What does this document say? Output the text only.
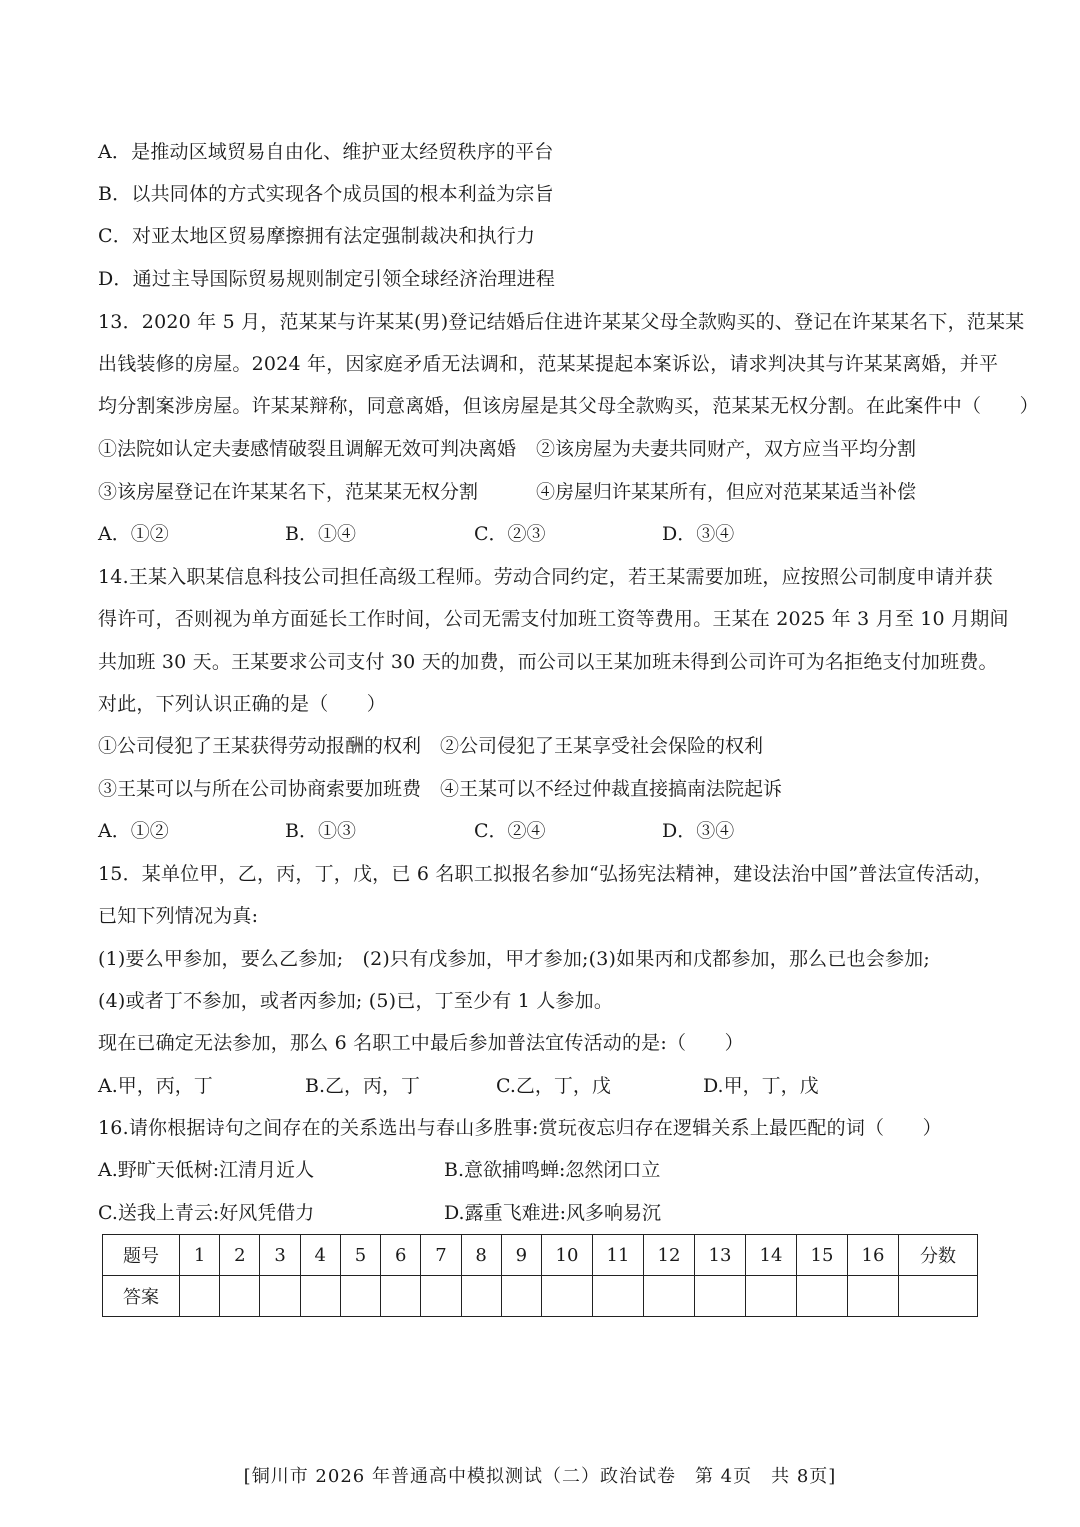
A．是推动区域贸易自由化、维护亚太经贸秩序的平台
B．以共同体的方式实现各个成员国的根本利益为宗旨
C．对亚太地区贸易摩擦拥有法定强制裁决和执行力
D．通过主导国际贸易规则制定引领全球经济治理进程
13．2020 年 5 月，范某某与许某某(男)登记结婚后住进许某某父母全款购买的、登记在许某某名下，范某某
出钱装修的房屋。2024 年，因家庭矛盾无法调和，范某某提起本案诉讼，请求判决其与许某某离婚，并平
均分割案涉房屋。许某某辩称，同意离婚，但该房屋是其父母全款购买，范某某无权分割。在此案件中（　　）
①法院如认定夫妻感情破裂且调解无效可判决离婚 ②该房屋为夫妻共同财产，双方应当平均分割
③该房屋登记在许某某名下，范某某无权分割	④房屋归许某某所有，但应对范某某适当补偿
A．①②	B．①④	C．②③	D．③④
14.王某入职某信息科技公司担任高级工程师。劳动合同约定，若王某需要加班，应按照公司制度申请并获
得许可，否则视为单方面延长工作时间，公司无需支付加班工资等费用。王某在 2025 年 3 月至 10 月期间
共加班 30 天。王某要求公司支付 30 天的加费，而公司以王某加班未得到公司许可为名拒绝支付加班费。
对此，下列认识正确的是（　　）
①公司侵犯了王某获得劳动报酬的权利 ②公司侵犯了王某享受社会保险的权利
③王某可以与所在公司协商索要加班费 ④王某可以不经过仲裁直接搞南法院起诉
A．①②	B．①③	C．②④	D．③④
15．某单位甲，乙，丙，丁，戊，已 6 名职工拟报名参加“弘扬宪法精神，建设法治中国”普法宣传活动，
已知下列情况为真:
(1)要么甲参加，要么乙参加;　(2)只有戊参加，甲才参加;(3)如果丙和戊都参加，那么已也会参加;
(4)或者丁不参加，或者丙参加; (5)已，丁至少有 1 人参加。
现在已确定无法参加，那么 6 名职工中最后参加普法宜传活动的是:（　　）
A.甲，丙，丁	B.乙，丙，丁	C.乙，丁，戊	D.甲，丁，戊
16.请你根据诗句之间存在的关系选出与春山多胜事:赏玩夜忘归存在逻辑关系上最匹配的词（　　）
A.野旷天低树:江清月近人	B.意欲捕鸣蝉:忽然闭口立
C.送我上青云:好风凭借力	D.露重飞难进:风多响易沉
题号	1	2	3	4	5	6	7	8	9	10	11	12	13	14	15	16	分数
答案																	
[铜川市 2026 年普通高中模拟测试（二）政治试卷　第 4页　共 8页]
